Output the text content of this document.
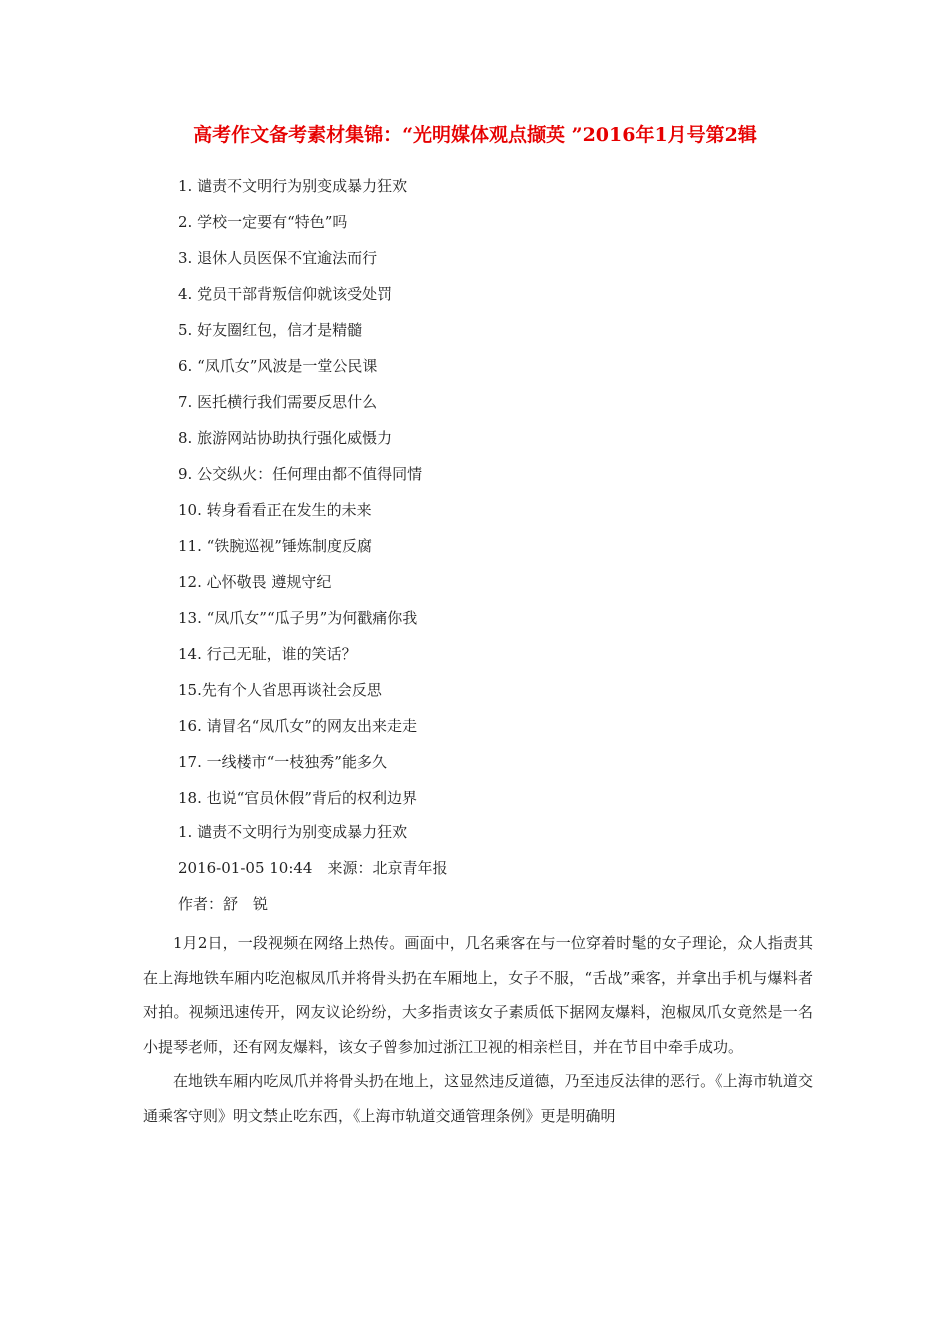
高考作文备考素材集锦：“光明媒体观点撷英 ”2016年1月号第2辑
1. 谴责不文明行为别变成暴力狂欢
2. 学校一定要有“特色”吗
3. 退休人员医保不宜逾法而行
4. 党员干部背叛信仰就该受处罚
5. 好友圈红包，信才是精髓
6. “凤爪女”风波是一堂公民课
7. 医托横行我们需要反思什么
8. 旅游网站协助执行强化威慑力
9. 公交纵火：任何理由都不值得同情
10. 转身看看正在发生的未来
11. “铁腕巡视”锤炼制度反腐
12. 心怀敬畏 遵规守纪
13. “凤爪女”“瓜子男”为何戳痛你我
14. 行己无耻，谁的笑话？
15.先有个人省思再谈社会反思
16. 请冒名“凤爪女”的网友出来走走
17. 一线楼市“一枝独秀”能多久
18. 也说“官员休假”背后的权利边界
1. 谴责不文明行为别变成暴力狂欢
2016-01-05 10:44　来源：北京青年报
作者：舒　锐

1月2日，一段视频在网络上热传。画面中，几名乘客在与一位穿着时髦的女子理论，众人指责其在上海地铁车厢内吃泡椒凤爪并将骨头扔在车厢地上，女子不服，“舌战”乘客，并拿出手机与爆料者对拍。视频迅速传开，网友议论纷纷，大多指责该女子素质低下据网友爆料，泡椒凤爪女竟然是一名小提琴老师，还有网友爆料，该女子曾参加过浙江卫视的相亲栏目，并在节目中牵手成功。

在地铁车厢内吃凤爪并将骨头扔在地上，这显然违反道德，乃至违反法律的恶行。《上海市轨道交通乘客守则》明文禁止吃东西，《上海市轨道交通管理条例》更是明确明
